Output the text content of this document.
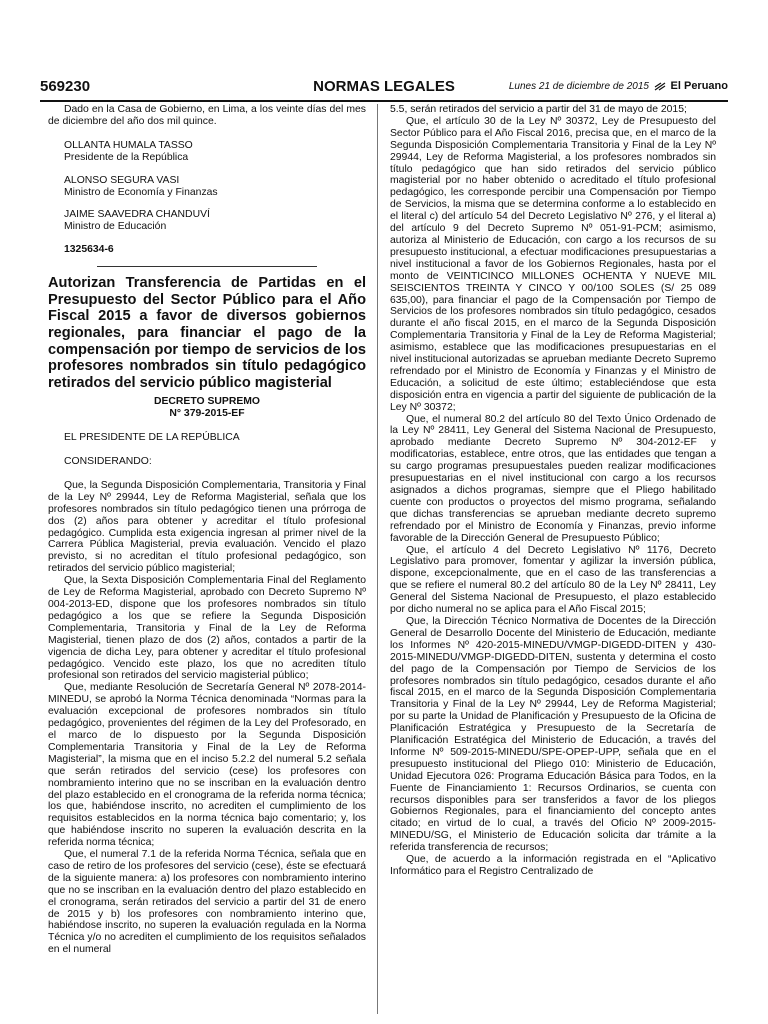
569230	NORMAS LEGALES	Lunes 21 de diciembre de 2015 El Peruano

Dado en la Casa de Gobierno, en Lima, a los veinte días del mes de diciembre del año dos mil quince.

OLLANTA HUMALA TASSO
Presidente de la República
ALONSO SEGURA VASI
Ministro de Economía y Finanzas
JAIME SAAVEDRA CHANDUVÍ
Ministro de Educación

1325634-6

Autorizan Transferencia de Partidas en el Presupuesto del Sector Público para el Año Fiscal 2015 a favor de diversos gobiernos regionales, para financiar el pago de la compensación por tiempo de servicios de los profesores nombrados sin título pedagógico retirados del servicio público magisterial

DECRETO SUPREMO
N° 379-2015-EF

EL PRESIDENTE DE LA REPÚBLICA

CONSIDERANDO:

Que, la Segunda Disposición Complementaria, Transitoria y Final de la Ley Nº 29944, Ley de Reforma Magisterial, señala que los profesores nombrados sin título pedagógico tienen una prórroga de dos (2) años para obtener y acreditar el título profesional pedagógico. Cumplida esta exigencia ingresan al primer nivel de la Carrera Pública Magisterial, previa evaluación. Vencido el plazo previsto, si no acreditan el título profesional pedagógico, son retirados del servicio público magisterial;

Que, la Sexta Disposición Complementaria Final del Reglamento de Ley de Reforma Magisterial, aprobado con Decreto Supremo Nº 004-2013-ED, dispone que los profesores nombrados sin título pedagógico a los que se refiere la Segunda Disposición Complementaria, Transitoria y Final de la Ley de Reforma Magisterial, tienen plazo de dos (2) años, contados a partir de la vigencia de dicha Ley, para obtener y acreditar el título profesional pedagógico. Vencido este plazo, los que no acrediten título profesional son retirados del servicio magisterial público;

Que, mediante Resolución de Secretaría General Nº 2078-2014-MINEDU, se aprobó la Norma Técnica denominada “Normas para la evaluación excepcional de profesores nombrados sin título pedagógico, provenientes del régimen de la Ley del Profesorado, en el marco de lo dispuesto por la Segunda Disposición Complementaria Transitoria y Final de la Ley de Reforma Magisterial”, la misma que en el inciso 5.2.2 del numeral 5.2 señala que serán retirados del servicio (cese) los profesores con nombramiento interino que no se inscriban en la evaluación dentro del plazo establecido en el cronograma de la referida norma técnica; los que, habiéndose inscrito, no acrediten el cumplimiento de los requisitos establecidos en la norma técnica bajo comentario; y, los que habiéndose inscrito no superen la evaluación descrita en la referida norma técnica;

Que, el numeral 7.1 de la referida Norma Técnica, señala que en caso de retiro de los profesores del servicio (cese), éste se efectuará de la siguiente manera: a) los profesores con nombramiento interino que no se inscriban en la evaluación dentro del plazo establecido en el cronograma, serán retirados del servicio a partir del 31 de enero de 2015 y b) los profesores con nombramiento interino que, habiéndose inscrito, no superen la evaluación regulada en la Norma Técnica y/o no acrediten el cumplimiento de los requisitos señalados en el numeral

5.5, serán retirados del servicio a partir del 31 de mayo de 2015;

Que, el artículo 30 de la Ley Nº 30372, Ley de Presupuesto del Sector Público para el Año Fiscal 2016, precisa que, en el marco de la Segunda Disposición Complementaria Transitoria y Final de la Ley Nº 29944, Ley de Reforma Magisterial, a los profesores nombrados sin título pedagógico que han sido retirados del servicio público magisterial por no haber obtenido o acreditado el título profesional pedagógico, les corresponde percibir una Compensación por Tiempo de Servicios, la misma que se determina conforme a lo establecido en el literal c) del artículo 54 del Decreto Legislativo Nº 276, y el literal a) del artículo 9 del Decreto Supremo Nº 051-91-PCM; asimismo, autoriza al Ministerio de Educación, con cargo a los recursos de su presupuesto institucional, a efectuar modificaciones presupuestarias a nivel institucional a favor de los Gobiernos Regionales, hasta por el monto de VEINTICINCO MILLONES OCHENTA Y NUEVE MIL SEISCIENTOS TREINTA Y CINCO Y 00/100 SOLES (S/ 25 089 635,00), para financiar el pago de la Compensación por Tiempo de Servicios de los profesores nombrados sin título pedagógico, cesados durante el año fiscal 2015, en el marco de la Segunda Disposición Complementaria Transitoria y Final de la Ley de Reforma Magisterial; asimismo, establece que las modificaciones presupuestarias en el nivel institucional autorizadas se aprueban mediante Decreto Supremo refrendado por el Ministro de Economía y Finanzas y el Ministro de Educación, a solicitud de este último; estableciéndose que esta disposición entra en vigencia a partir del siguiente de publicación de la Ley Nº 30372;

Que, el numeral 80.2 del artículo 80 del Texto Único Ordenado de la Ley Nº 28411, Ley General del Sistema Nacional de Presupuesto, aprobado mediante Decreto Supremo Nº 304-2012-EF y modificatorias, establece, entre otros, que las entidades que tengan a su cargo programas presupuestales pueden realizar modificaciones presupuestarias en el nivel institucional con cargo a los recursos asignados a dichos programas, siempre que el Pliego habilitado cuente con productos o proyectos del mismo programa, señalando que dichas transferencias se aprueban mediante decreto supremo refrendado por el Ministro de Economía y Finanzas, previo informe favorable de la Dirección General de Presupuesto Público;

Que, el artículo 4 del Decreto Legislativo Nº 1176, Decreto Legislativo para promover, fomentar y agilizar la inversión pública, dispone, excepcionalmente, que en el caso de las transferencias a que se refiere el numeral 80.2 del artículo 80 de la Ley Nº 28411, Ley General del Sistema Nacional de Presupuesto, el plazo establecido por dicho numeral no se aplica para el Año Fiscal 2015;

Que, la Dirección Técnico Normativa de Docentes de la Dirección General de Desarrollo Docente del Ministerio de Educación, mediante los Informes Nº 420-2015-MINEDU/VMGP-DIGEDD-DITEN y 430-2015-MINEDU/VMGP-DIGEDD-DITEN, sustenta y determina el costo del pago de la Compensación por Tiempo de Servicios de los profesores nombrados sin título pedagógico, cesados durante el año fiscal 2015, en el marco de la Segunda Disposición Complementaria Transitoria y Final de la Ley Nº 29944, Ley de Reforma Magisterial; por su parte la Unidad de Planificación y Presupuesto de la Oficina de Planificación Estratégica y Presupuesto de la Secretaría de Planificación Estratégica del Ministerio de Educación, a través del Informe Nº 509-2015-MINEDU/SPE-OPEP-UPP, señala que en el presupuesto institucional del Pliego 010: Ministerio de Educación, Unidad Ejecutora 026: Programa Educación Básica para Todos, en la Fuente de Financiamiento 1: Recursos Ordinarios, se cuenta con recursos disponibles para ser transferidos a favor de los pliegos Gobiernos Regionales, para el financiamiento del concepto antes citado; en virtud de lo cual, a través del Oficio Nº 2009-2015-MINEDU/SG, el Ministerio de Educación solicita dar trámite a la referida transferencia de recursos;

Que, de acuerdo a la información registrada en el “Aplicativo Informático para el Registro Centralizado de
